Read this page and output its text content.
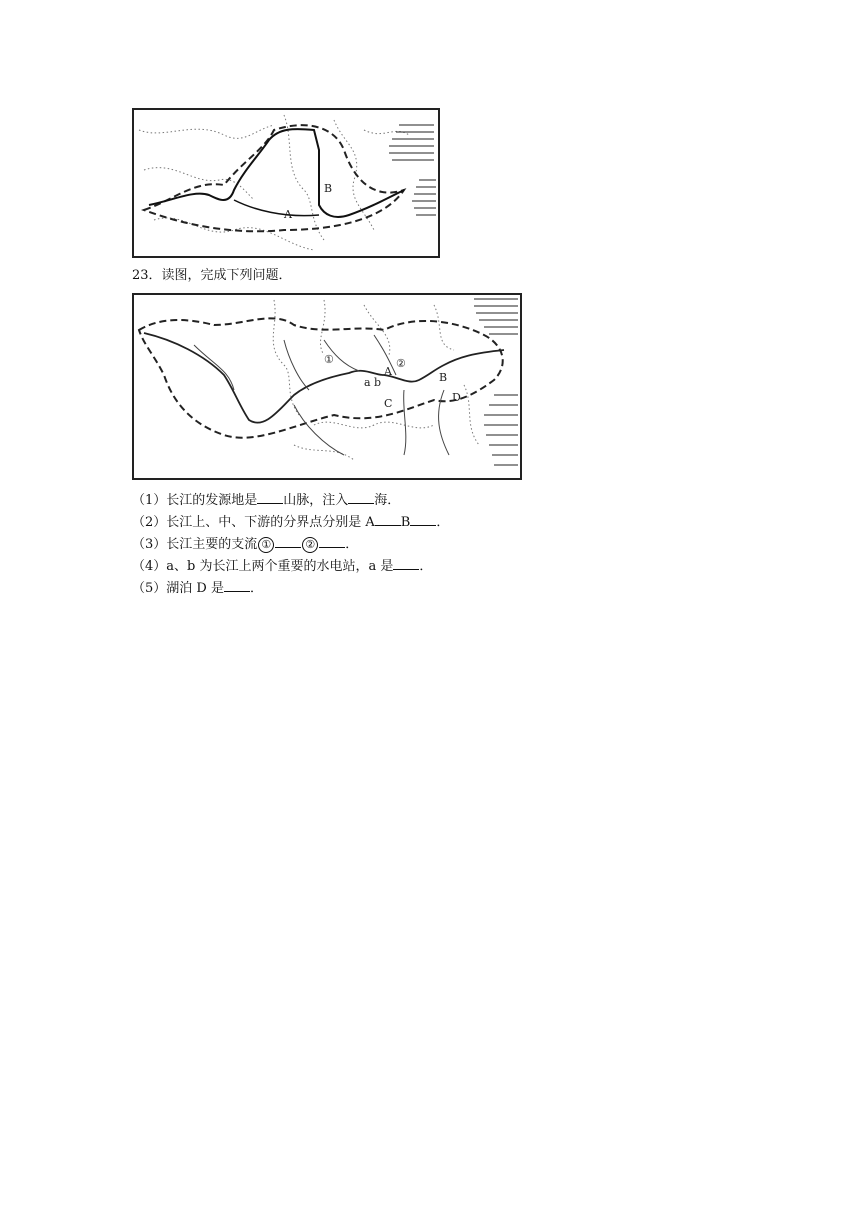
A
B
23．读图，完成下列问题．
①	②
A
a b
C
B
D
（1）长江的发源地是 山脉，注入 海．
（2）长江上、中、下游的分界点分别是 A B ．
（3）长江主要的支流 ①	② ．
（4）a、b 为长江上两个重要的水电站，a 是 ．
（5）湖泊 D 是 ．
